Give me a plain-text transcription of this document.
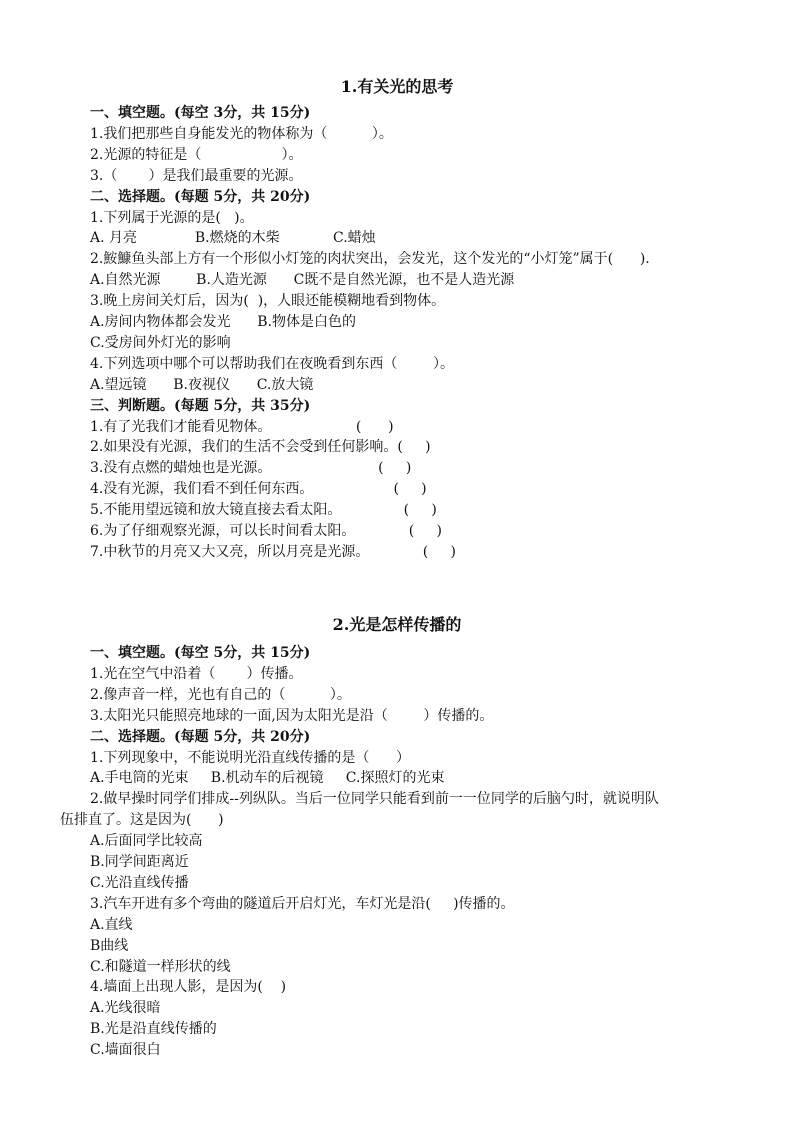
1.有关光的思考
一、填空题。(每空 3分，共 15分)
1.我们把那些自身能发光的物体称为（          ）。
2.光源的特征是（                  ）。
3.（       ）是我们最重要的光源。
二、选择题。(每题 5分，共 20分)
1.下列属于光源的是(   )。
A. 月亮             B.燃烧的木柴            C.蜡烛
2.鮟鱇鱼头部上方有一个形似小灯笼的肉状突出，会发光，这个发光的“小灯笼”属于(      ).
A.自然光源        B.人造光源      C既不是自然光源，也不是人造光源
3.晚上房间关灯后，因为(  )，人眼还能模糊地看到物体。
A.房间内物体都会发光      B.物体是白色的
C.受房间外灯光的影响
4.下列选项中哪个可以帮助我们在夜晚看到东西（        ）。
A.望远镜      B.夜视仪      C.放大镜
三、判断题。(每题 5分，共 35分)
1.有了光我们才能看见物体。                   (      )
2.如果没有光源，我们的生活不会受到任何影响。(     )
3.没有点燃的蜡烛也是光源。                        (     )
4.没有光源，我们看不到任何东西。                  (     )
5.不能用望远镜和放大镜直接去看太阳。              (     )
6.为了仔细观察光源，可以长时间看太阳。            (     )
7.中秋节的月亮又大又亮，所以月亮是光源。            (     )
2.光是怎样传播的
一、填空题。(每空 5分，共 15分)
1.光在空气中沿着（       ）传播。
2.像声音一样，光也有自己的（          ）。
3.太阳光只能照亮地球的一面,因为太阳光是沿（        ）传播的。
二、选择题。(每题 5分，共 20分)
1.下列现象中，不能说明光沿直线传播的是（      ）
A.手电筒的光束     B.机动车的后视镜     C.探照灯的光束
2.做早操时同学们排成--列纵队。当后一位同学只能看到前一一位同学的后脑勺时，就说明队
伍排直了。这是因为(      )
A.后面同学比较高
B.同学间距离近
C.光沿直线传播
3.汽车开进有多个弯曲的隧道后开启灯光，车灯光是沿(     )传播的。
A.直线
B曲线
C.和隧道一样形状的线
4.墙面上出现人影，是因为(    )
A.光线很暗
B.光是沿直线传播的
C.墙面很白
